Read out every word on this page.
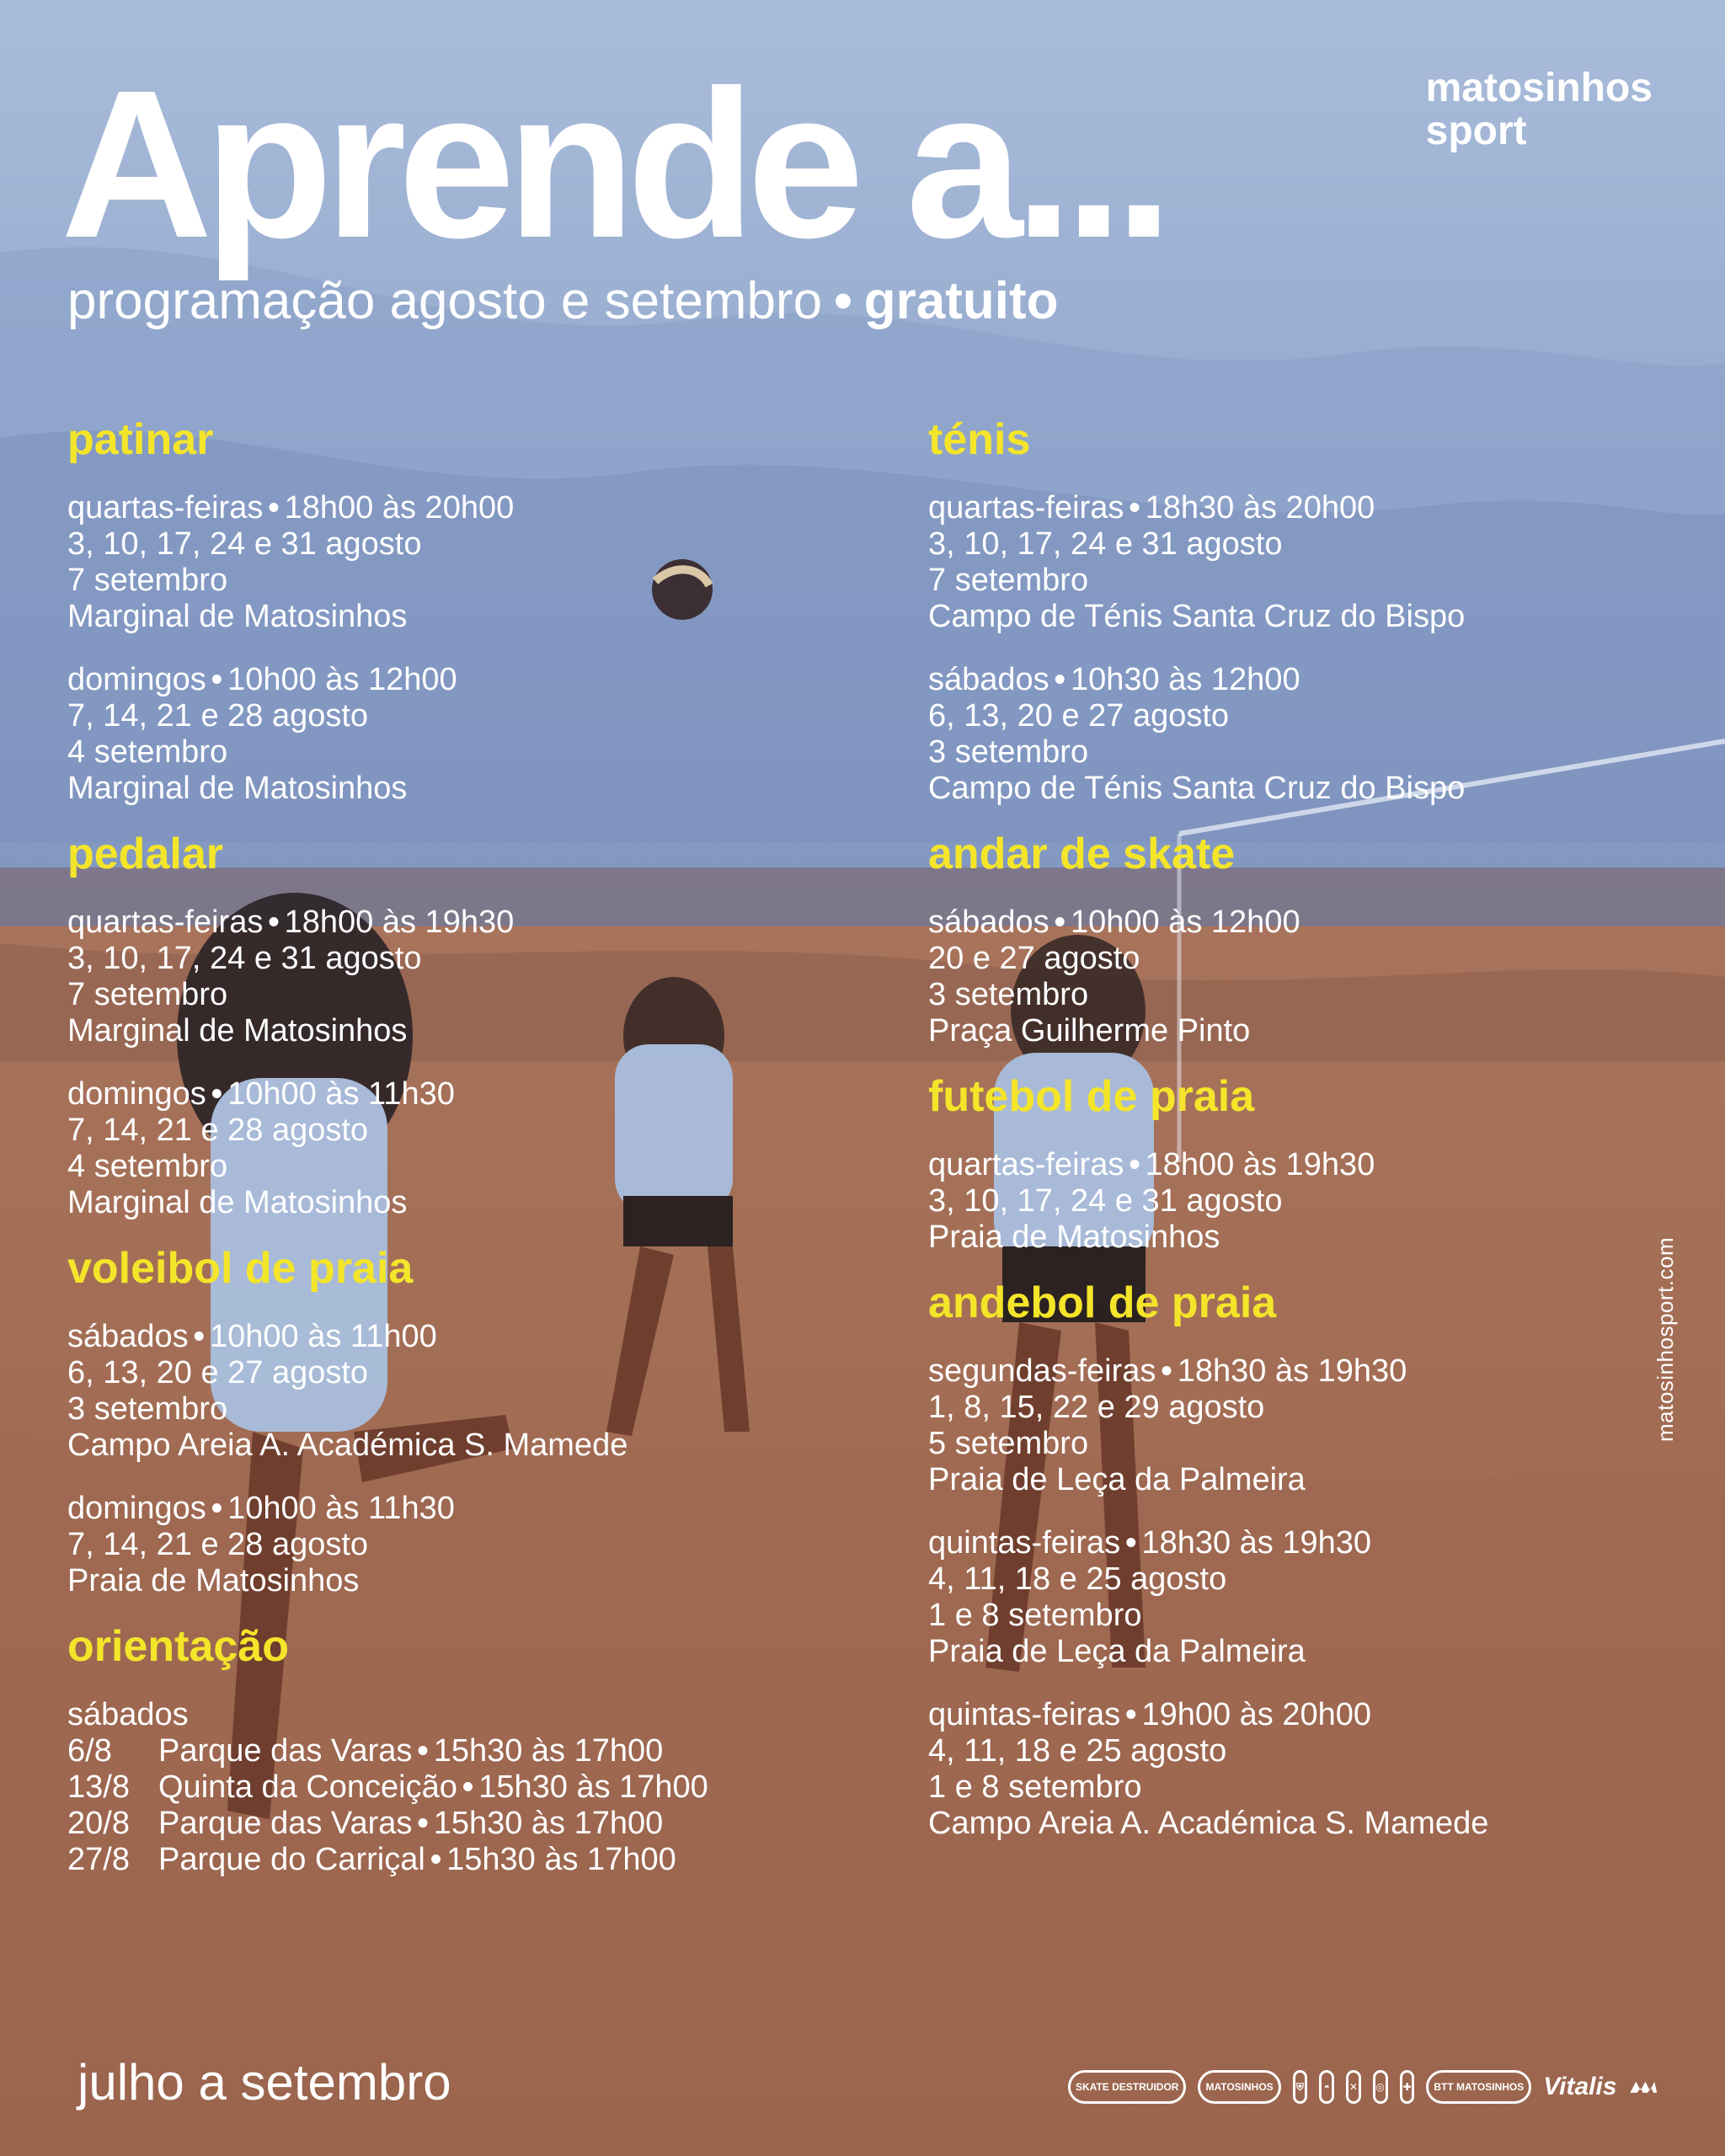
Aprende a...
programação agosto e setembro • gratuito
matosinhos
sport
patinar
quartas-feiras • 18h00 às 20h00
3, 10, 17, 24 e 31 agosto
7 setembro
Marginal de Matosinhos
domingos • 10h00 às 12h00
7, 14, 21 e 28 agosto
4 setembro
Marginal de Matosinhos
pedalar
quartas-feiras • 18h00 às 19h30
3, 10, 17, 24 e 31 agosto
7 setembro
Marginal de Matosinhos
domingos • 10h00 às 11h30
7, 14, 21 e 28 agosto
4 setembro
Marginal de Matosinhos
voleibol de praia
sábados • 10h00 às 11h00
6, 13, 20 e 27 agosto
3 setembro
Campo Areia A. Académica S. Mamede
domingos • 10h00 às 11h30
7, 14, 21 e 28 agosto
Praia de Matosinhos
orientação
sábados
6/8	Parque das Varas • 15h30 às 17h00
13/8 Quinta da Conceição • 15h30 às 17h00
20/8 Parque das Varas • 15h30 às 17h00
27/8 Parque do Carriçal • 15h30 às 17h00
ténis
quartas-feiras • 18h30 às 20h00
3, 10, 17, 24 e 31 agosto
7 setembro
Campo de Ténis Santa Cruz do Bispo
sábados • 10h30 às 12h00
6, 13, 20 e 27 agosto
3 setembro
Campo de Ténis Santa Cruz do Bispo
andar de skate
sábados • 10h00 às 12h00
20 e 27 agosto
3 setembro
Praça Guilherme Pinto
futebol de praia
quartas-feiras • 18h00 às 19h30
3, 10, 17, 24 e 31 agosto
Praia de Matosinhos
andebol de praia
segundas-feiras • 18h30 às 19h30
1, 8, 15, 22 e 29 agosto
5 setembro
Praia de Leça da Palmeira
quintas-feiras • 18h30 às 19h30
4, 11, 18 e 25 agosto
1 e 8 setembro
Praia de Leça da Palmeira
quintas-feiras • 19h00 às 20h00
4, 11, 18 e 25 agosto
1 e 8 setembro
Campo Areia A. Académica S. Mamede
matosinhosport.com
julho a setembro	SKATE DESTRUIDOR	MATOSINHOS	⛨	◓	✕	◎	✚	BTT MATOSINHOS Vitalis
